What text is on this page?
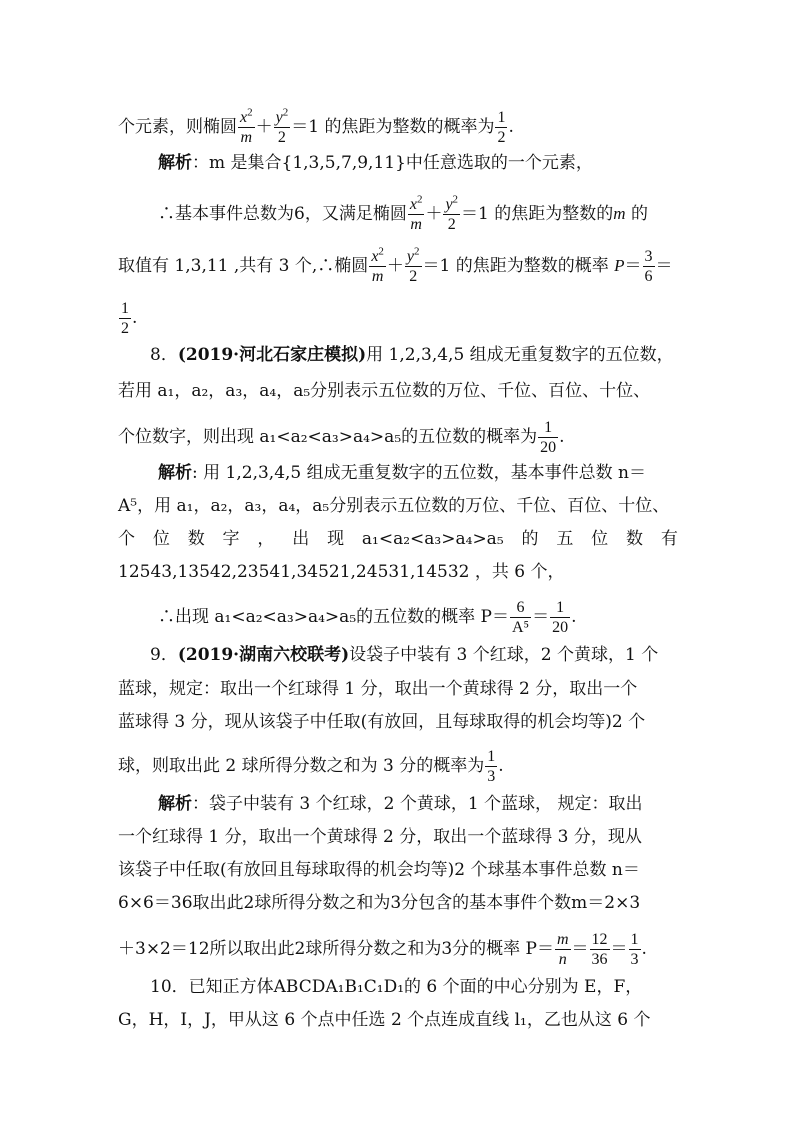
个元素，则椭圆 $\frac{x^2}{m} + \frac{y^2}{2} =1$ 的焦距为整数的概率为 $\frac{1}{2}$ .
解析：m 是集合{1,3,5,7,9,11}中任意选取的一个元素，
∴基本事件总数为6，又满足椭圆 $\frac{x^2}{m} + \frac{y^2}{2} =1$ 的焦距为整数的m 的
取值有 1,3,11 ,共有 3 个,∴椭圆 $\frac{x^2}{m} + \frac{y^2}{2} =1$ 的焦距为整数的概率 $P= \frac{3}{6}$ ＝
$\frac{1}{2}$ .
8．(2019·河北石家庄模拟)用 1,2,3,4,5 组成无重复数字的五位数，
若用 a₁，a₂，a₃，a₄，a₅分别表示五位数的万位、千位、百位、十位、
个位数字，则出现 a₁<a₂<a₃>a₄>a₅的五位数的概率为 $\frac{1}{20}$ .
解析: 用 1,2,3,4,5 组成无重复数字的五位数，基本事件总数 n＝
A⁵，用 a₁，a₂，a₃，a₄，a₅分别表示五位数的万位、千位、百位、十位、
个 位 数 字 ， 出 现 a₁<a₂<a₃>a₄>a₅ 的 五 位 数 有
12543,13542,23541,34521,24531,14532 ，共 6 个，
∴出现 a₁<a₂<a₃>a₄>a₅的五位数的概率 $P= \frac{6}{\text{A⁵}} = \frac{1}{20}$ .
9．(2019·湖南六校联考)设袋子中装有 3 个红球，2 个黄球，1 个
蓝球，规定：取出一个红球得 1 分，取出一个黄球得 2 分，取出一个
蓝球得 3 分，现从该袋子中任取(有放回，且每球取得的机会均等)2 个
球，则取出此 2 球所得分数之和为 3 分的概率为 $\frac{1}{3}$ .
解析：袋子中装有 3 个红球，2 个黄球，1 个蓝球， 规定：取出
一个红球得 1 分，取出一个黄球得 2 分，取出一个蓝球得 3 分，现从
该袋子中任取(有放回且每球取得的机会均等)2 个球基本事件总数 n＝
6×6＝36取出此2球所得分数之和为3分包含的基本事件个数m＝2×3
＋3×2＝12所以取出此2球所得分数之和为3分的概率 $P= \frac{m}{n} = \frac{12}{36} = \frac{1}{3}$ .
10．已知正方体ABCDA₁B₁C₁D₁的 6 个面的中心分别为 E，F，
G，H，I，J，甲从这 6 个点中任选 2 个点连成直线 l₁，乙也从这 6 个
